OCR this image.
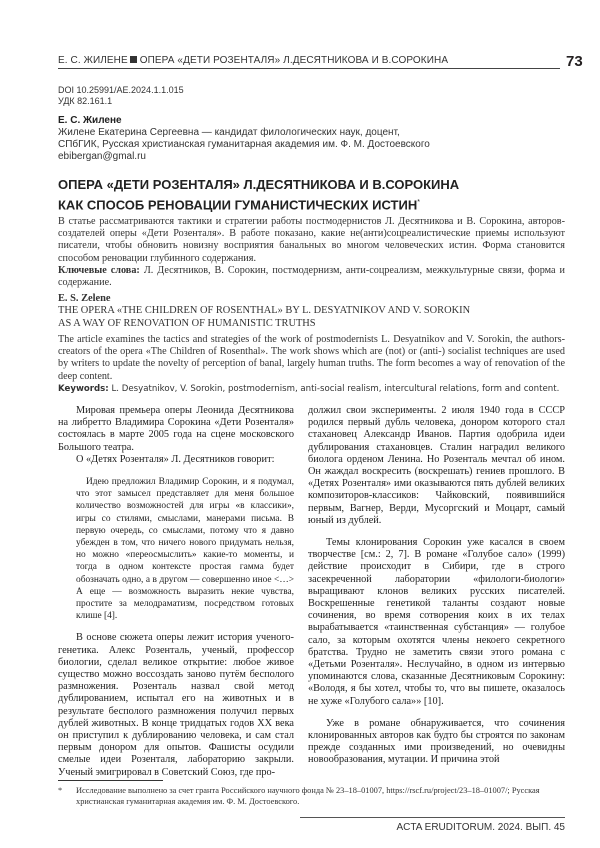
Е. С. ЖИЛЕНЕ ОПЕРА «ДЕТИ РОЗЕНТАЛЯ» Л.ДЕСЯТНИКОВА И В.СОРОКИНА	73
DOI 10.25991/AE.2024.1.1.015
УДК 82.161.1
Е. С. Жилене
Жилене Екатерина Сергеевна — кандидат филологических наук, доцент,
СПбГИК, Русская христианская гуманитарная академия им. Ф. М. Достоевского
ebibergan@gmal.ru
ОПЕРА «ДЕТИ РОЗЕНТАЛЯ» Л.ДЕСЯТНИКОВА И В.СОРОКИНА
КАК СПОСОБ РЕНОВАЦИИ ГУМАНИСТИЧЕСКИХ ИСТИН*
В статье рассматриваются тактики и стратегии работы постмодернистов Л. Десятникова и В. Сорокина, авторов-создателей оперы «Дети Розенталя». В работе показано, какие не(анти)соцреалистические приемы используют писатели, чтобы обновить новизну восприятия банальных во многом человеческих истин. Форма становится способом реновации глубинного содержания.
Ключевые слова: Л. Десятников, В. Сорокин, постмодернизм, анти-соцреализм, межкультурные связи, форма и содержание.
E. S. Zelene
THE OPERA «THE CHILDREN OF ROSENTHAL» BY L. DESYATNIKOV AND V. SOROKIN
AS A WAY OF RENOVATION OF HUMANISTIC TRUTHS
The article examines the tactics and strategies of the work of postmodernists L. Desyatnikov and V. Sorokin, the authors-creators of the opera «The Children of Rosenthal». The work shows which are (not) or (anti-) socialist techniques are used by writers to update the novelty of perception of banal, largely human truths. The form becomes a way of renovation of the deep content.
Keywords: L. Desyatnikov, V. Sorokin, postmodernism, anti-social realism, intercultural relations, form and content.

Мировая премьера оперы Леонида Десятникова на либретто Владимира Сорокина «Дети Розенталя» состоялась в марте 2005 года на сцене московского Большого театра.

О «Детях Розенталя» Л. Десятников говорит:

Идею предложил Владимир Сорокин, и я подумал, что этот замысел представляет для меня большое количество возможностей для игры «в классики», игры со стилями, смыслами, манерами письма. В первую очередь, со смыслами, потому что я давно убежден в том, что ничего нового придумать нельзя, но можно «переосмыслить» какие-то моменты, и тогда в одном контексте простая гамма будет обозначать одно, а в другом — совершенно иное <…> А еще — возможность выразить некие чувства, простите за мелодраматизм, посредством готовых клише [4].

В основе сюжета оперы лежит история ученого-генетика. Алекс Розенталь, ученый, профессор биологии, сделал великое открытие: любое живое существо можно воссоздать заново путём бесполого размножения. Розенталь назвал свой метод дублированием, испытал его на животных и в результате бесполого размножения получил первых дублей животных. В конце тридцатых годов XX века он приступил к дублированию человека, и сам стал первым донором для опытов. Фашисты осудили смелые идеи Розенталя, лабораторию закрыли. Ученый эмигрировал в Советский Союз, где про-

должил свои эксперименты. 2 июля 1940 года в СССР родился первый дубль человека, донором которого стал стахановец Александр Иванов. Партия одобрила идеи дублирования стахановцев. Сталин наградил великого биолога орденом Ленина. Но Розенталь мечтал об ином. Он жаждал воскресить (воскрешать) гениев прошлого. В «Детях Розенталя» ими оказываются пять дублей великих композиторов-классиков: Чайковский, появившийся первым, Вагнер, Верди, Мусоргский и Моцарт, самый юный из дублей.

Темы клонирования Сорокин уже касался в своем творчестве [см.: 2, 7]. В романе «Голубое сало» (1999) действие происходит в Сибири, где в строго засекреченной лаборатории «филологи-биологи» выращивают клонов великих русских писателей. Воскрешенные генетикой таланты создают новые сочинения, во время сотворения коих в их телах вырабатывается «таинственная субстанция» — голубое сало, за которым охотятся члены некоего секретного братства. Трудно не заметить связи этого романа с «Детьми Розенталя». Неслучайно, в одном из интервью упоминаются слова, сказанные Десятниковым Сорокину: «Володя, я бы хотел, чтобы то, что вы пишете, оказалось не хуже «Голубого сала»» [10].

Уже в романе обнаруживается, что сочинения клонированных авторов как будто бы строятся по законам прежде созданных ими произведений, но очевидны новообразования, мутации. И причина этой

*	Исследование выполнено за счет гранта Российского научного фонда № 23–18–01007, https://rscf.ru/project/23–18–01007/; Русская христианская гуманитарная академия им. Ф. М. Достоевского.
ACTA ERUDITORUM. 2024. ВЫП. 45
